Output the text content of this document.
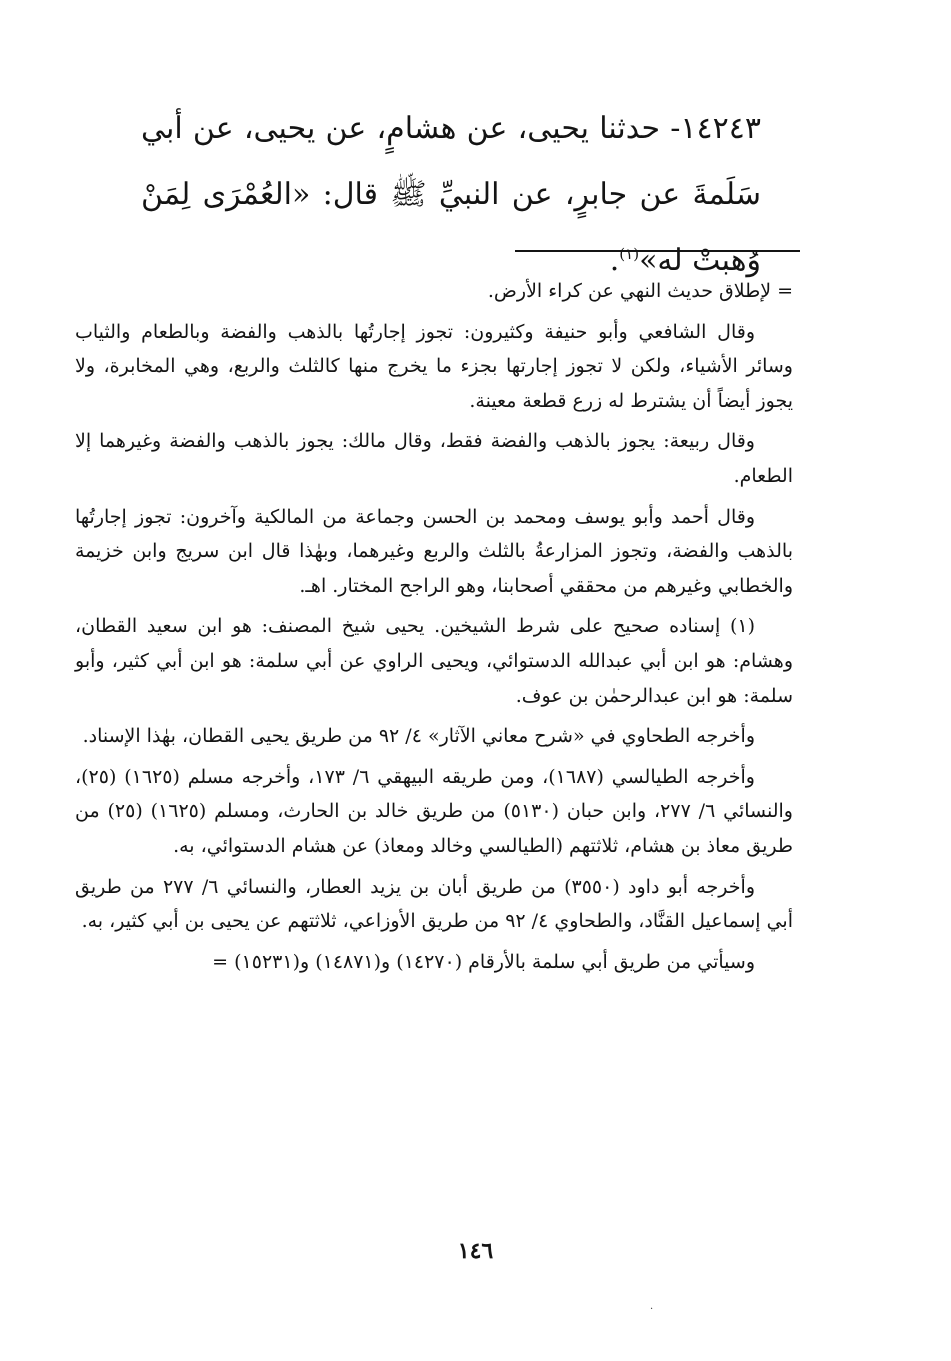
١٤٢٤٣- حدثنا يحيى، عن هشامٍ، عن يحيى، عن أبي سَلَمةَ عن جابرٍ، عن النبيِّ ﷺ قال: «العُمْرَى لِمَنْ وُهبتْ له»$^{(١)}$.

= لإطلاق حديث النهي عن كراء الأرض.

وقال الشافعي وأبو حنيفة وكثيرون: تجوز إجارتُها بالذهب والفضة وبالطعام والثياب وسائر الأشياء، ولكن لا تجوز إجارتها بجزء ما يخرج منها كالثلث والربع، وهي المخابرة، ولا يجوز أيضاً أن يشترط له زرع قطعة معينة.

وقال ربيعة: يجوز بالذهب والفضة فقط، وقال مالك: يجوز بالذهب والفضة وغيرهما إلا الطعام.

وقال أحمد وأبو يوسف ومحمد بن الحسن وجماعة من المالكية وآخرون: تجوز إجارتُها بالذهب والفضة، وتجوز المزارعةُ بالثلث والربع وغيرهما، وبهٰذا قال ابن سريج وابن خزيمة والخطابي وغيرهم من محققي أصحابنا، وهو الراجح المختار. اهـ.

(١) إسناده صحيح على شرط الشيخين. يحيى شيخ المصنف: هو ابن سعيد القطان، وهشام: هو ابن أبي عبدالله الدستوائي، ويحيى الراوي عن أبي سلمة: هو ابن أبي كثير، وأبو سلمة: هو ابن عبدالرحمٰن بن عوف.

وأخرجه الطحاوي في «شرح معاني الآثار» ٤/ ٩٢ من طريق يحيى القطان، بهٰذا الإسناد.

وأخرجه الطيالسي (١٦٨٧)، ومن طريقه البيهقي ٦/ ١٧٣، وأخرجه مسلم (١٦٢٥) (٢٥)، والنسائي ٦/ ٢٧٧، وابن حبان (٥١٣٠) من طريق خالد بن الحارث، ومسلم (١٦٢٥) (٢٥) من طريق معاذ بن هشام، ثلاثتهم (الطيالسي وخالد ومعاذ) عن هشام الدستوائي، به.

وأخرجه أبو داود (٣٥٥٠) من طريق أبان بن يزيد العطار، والنسائي ٦/ ٢٧٧ من طريق أبي إسماعيل القنَّاد، والطحاوي ٤/ ٩٢ من طريق الأوزاعي، ثلاثتهم عن يحيى بن أبي كثير، به.

وسيأتي من طريق أبي سلمة بالأرقام (١٤٢٧٠) و(١٤٨٧١) و(١٥٢٣١) =

١٤٦
·
